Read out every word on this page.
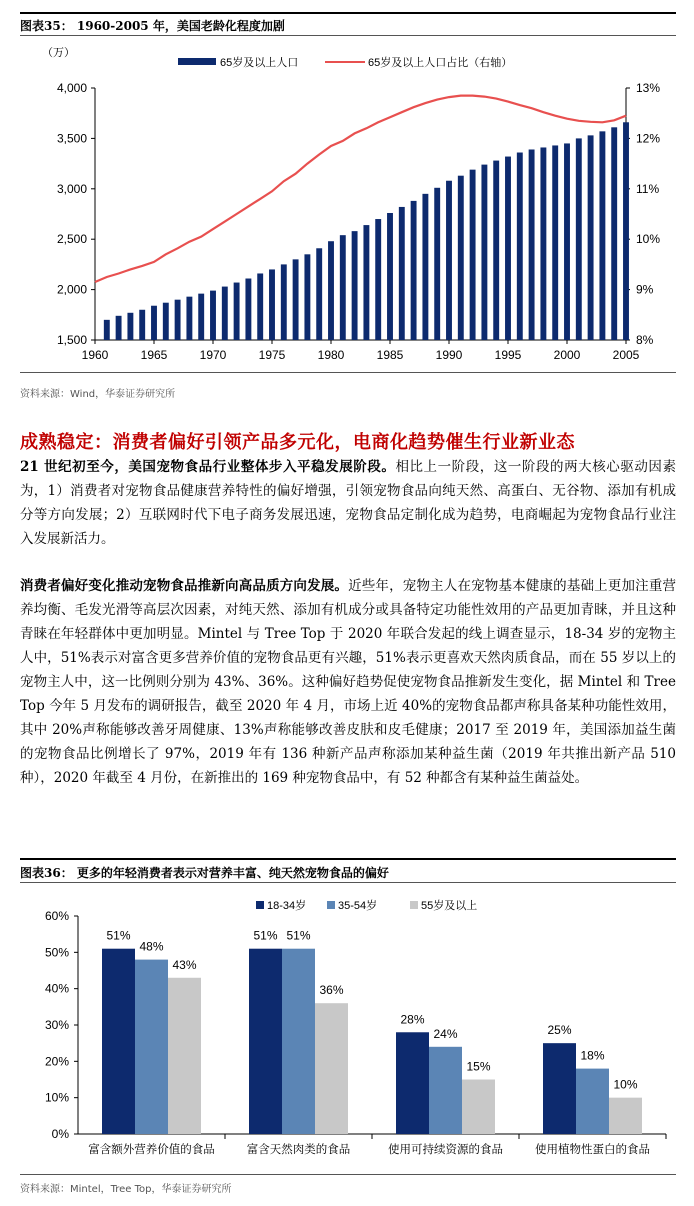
图表35： 1960-2005 年，美国老龄化程度加剧
（万）
65岁及以上人口	65岁及以上人口占比（右轴）
1,500
2,000
2,500
3,000
3,500
4,000
8%
9%
10%
11%
12%
13%
1960	1965	1970	1975	1980	1985	1990	1995	2000	2005
资料来源：Wind，华泰证券研究所
成熟稳定：消费者偏好引领产品多元化，电商化趋势催生行业新业态
21 世纪初至今，美国宠物食品行业整体步入平稳发展阶段。相比上一阶段，这一阶段的两大核心驱动因素为，1）消费者对宠物食品健康营养特性的偏好增强，引领宠物食品向纯天然、高蛋白、无谷物、添加有机成分等方向发展；2）互联网时代下电子商务发展迅速，宠物食品定制化成为趋势，电商崛起为宠物食品行业注入发展新活力。
消费者偏好变化推动宠物食品推新向高品质方向发展。近些年，宠物主人在宠物基本健康的基础上更加注重营养均衡、毛发光滑等高层次因素，对纯天然、添加有机成分或具备特定功能性效用的产品更加青睐，并且这种青睐在年轻群体中更加明显。Mintel 与 Tree Top 于 2020 年联合发起的线上调查显示，18-34 岁的宠物主人中，51%表示对富含更多营养价值的宠物食品更有兴趣，51%表示更喜欢天然肉质食品，而在 55 岁以上的宠物主人中，这一比例则分别为 43%、36%。这种偏好趋势促使宠物食品推新发生变化，据 Mintel 和 Tree Top 今年 5 月发布的调研报告，截至 2020 年 4 月，市场上近 40%的宠物食品都声称具备某种功能性效用，其中 20%声称能够改善牙周健康、13%声称能够改善皮肤和皮毛健康；2017 至 2019 年，美国添加益生菌的宠物食品比例增长了 97%，2019 年有 136 种新产品声称添加某种益生菌（2019 年共推出新产品 510 种），2020 年截至 4 月份，在新推出的 169 种宠物食品中，有 52 种都含有某种益生菌益处。
图表36： 更多的年轻消费者表示对营养丰富、纯天然宠物食品的偏好
18-34岁	35-54岁	55岁及以上
0%
10%
20%
30%
40%
50%
60%
51%
48%
43%
富含额外营养价值的食品
51% 51%
36%
富含天然肉类的食品
28%
24%
15%
使用可持续资源的食品
25%
18%
10%
使用植物性蛋白的食品
资料来源：Mintel，Tree Top，华泰证券研究所
